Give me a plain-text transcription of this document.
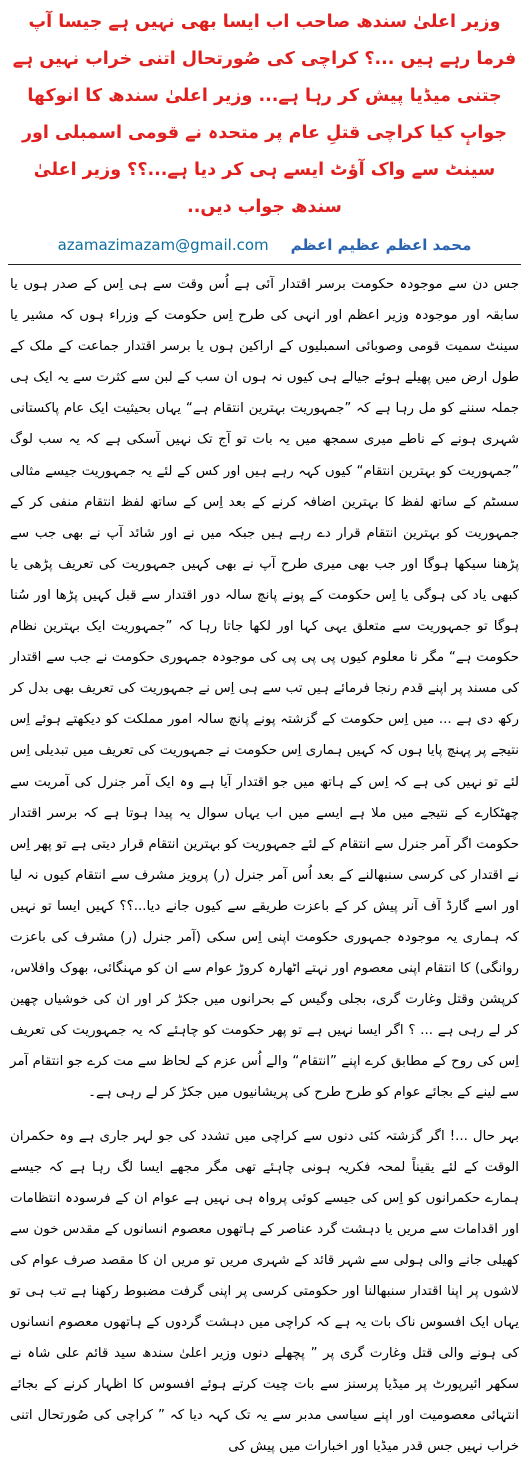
وزیر اعلیٰ سندھ صاحب اب ایسا بھی نہیں ہے جیسا آپ فرما رہے ہیں ...؟ کراچی کی صُورتحال اتنی خراب نہیں ہے جتنی میڈیا پیش کر رہا ہے... وزیر اعلیٰ سندھ کا انوکھا جوابٕ کیا کراچی قتلِ عام پر متحدہ نے قومی اسمبلی اور سینٹ سے واک آؤٹ ایسے ہی کر دیا ہے...؟؟ وزیر اعلیٰ سندھ جواب دیں..
azamazimazam@gmail.com محمد اعظم عظیم اعظم

جس دن سے موجودہ حکومت برسر اقتدار آئی ہے اُس وقت سے ہی اِس کے صدر ہوں یا سابقہ اور موجودہ وزیر اعظم اور انہی کی طرح اِس حکومت کے وزراء ہوں کہ مشیر یا سینٹ سمیت قومی وصوبائی اسمبلیوں کے اراکین ہوں یا برسر اقتدار جماعت کے ملک کے طول ارض میں پھیلے ہوئے جیالے ہی کیوں نہ ہوں ان سب کے لبن سے کثرت سے یہ ایک ہی جملہ سننے کو مل رہا ہے کہ ”جمہوریت بہترین انتقام ہے“ یہاں بحیثیت ایک عام پاکستانی شہری ہونے کے ناطے میری سمجھ میں یہ بات تو آج تک نہیں آسکی ہے کہ یہ سب لوگ ”جمہوریت کو بہترین انتقام“ کیوں کہہ رہے ہیں اور کس کے لئے یہ جمہوریت جیسے مثالی سسٹم کے ساتھ لفظ کا بہترین اضافہ کرنے کے بعد اِس کے ساتھ لفظ انتقام منفی کر کے جمہوریت کو بہترین انتقام قرار دے رہے ہیں جبکہ میں نے اور شائد آپ نے بھی جب سے پڑھنا سیکھا ہوگا اور جب بھی میری طرح آپ نے بھی کہیں جمہوریت کی تعریف پڑھی یا کبھی یاد کی ہوگی یا اِس حکومت کے پونے پانچ سالہ دور اقتدار سے قبل کہیں پڑھا اور سُنا ہوگا تو جمہوریت سے متعلق یہی کہا اور لکھا جاتا رہا کہ ”جمہوریت ایک بہترین نظام حکومت ہے“ مگر نا معلوم کیوں پی پی پی کی موجودہ جمہوری حکومت نے جب سے اقتدار کی مسند پر اپنے قدم رنجا فرمائے ہیں تب سے ہی اِس نے جمہوریت کی تعریف بھی بدل کر رکھ دی ہے ... میں اِس حکومت کے گزشتہ پونے پانچ سالہ امور مملکت کو دیکھتے ہوئے اِس نتیجے پر پہنچ پایا ہوں کہ کہیں ہماری اِس حکومت نے جمہوریت کی تعریف میں تبدیلی اِس لئے تو نہیں کی ہے کہ اِس کے ہاتھ میں جو اقتدار آیا ہے وہ ایک آمر جنرل کی آمریت سے چھٹکارے کے نتیجے میں ملا ہے ایسے میں اب یہاں سوال یہ پیدا ہوتا ہے کہ برسر اقتدار حکومت اگر آمر جنرل سے انتقام کے لئے جمہوریت کو بہترین انتقام قرار دیتی ہے تو پھر اِس نے اقتدار کی کرسی سنبھالنے کے بعد اُس آمر جنرل (ر) پرویز مشرف سے انتقام کیوں نہ لیا اور اسے گارڈ آف آنر پیش کر کے باعزت طریقے سے کیوں جانے دیا...؟؟ کہیں ایسا تو نہیں کہ ہماری یہ موجودہ جمہوری حکومت اپنی اِس سکی (آمر جنرل (ر) مشرف کی باعزت روانگی) کا انتقام اپنی معصوم اور نہتے اٹھارہ کروڑ عوام سے ان کو مہنگائی، بھوک وافلاس، کرپشن وقتل وغارت گری، بجلی وگیس کے بحرانوں میں جکڑ کر اور ان کی خوشیاں چھین کر لے رہی ہے ... ؟ اگر ایسا نہیں ہے تو پھر حکومت کو چاہئے کہ یہ جمہوریت کی تعریف اِس کی روح کے مطابق کرے اپنے ”انتقام“ والے اُس عزم کے لحاظ سے مت کرے جو انتقام آمر سے لینے کے بجائے عوام کو طرح طرح کی پریشانیوں میں جکڑ کر لے رہی ہے۔

بہر حال ...! اگر گزشتہ کئی دنوں سے کراچی میں تشدد کی جو لہر جاری ہے وہ حکمران الوقت کے لئے یقیناً لمحہ فکریہ ہونی چاہئے تھی مگر مجھے ایسا لگ رہا ہے کہ جیسے ہمارے حکمرانوں کو اِس کی جیسے کوئی پرواہ ہی نہیں ہے عوام ان کے فرسودہ انتظامات اور اقدامات سے مریں یا دہشت گرد عناصر کے ہاتھوں معصوم انسانوں کے مقدس خون سے کھیلی جانے والی ہولی سے شہر قائد کے شہری مریں تو مریں ان کا مقصد صرف عوام کی لاشوں پر اپنا اقتدار سنبھالنا اور حکومتی کرسی پر اپنی گرفت مضبوط رکھنا ہے تب ہی تو یہاں ایک افسوس ناک بات یہ ہے کہ کراچی میں دہشت گردوں کے ہاتھوں معصوم انسانوں کی ہونے والی قتل وغارت گری پر ” پچھلے دنوں وزیر اعلیٰ سندھ سید قائم علی شاہ نے سکھر ائیرپورٹ پر میڈیا پرسنز سے بات چیت کرتے ہوئے افسوس کا اظہار کرنے کے بجائے انتہائی معصومیت اور اپنے سیاسی مدبر سے یہ تک کہہ دیا کہ ” کراچی کی صُورتحال اتنی خراب نہیں جس قدر میڈیا اور اخبارات میں پیش کی
